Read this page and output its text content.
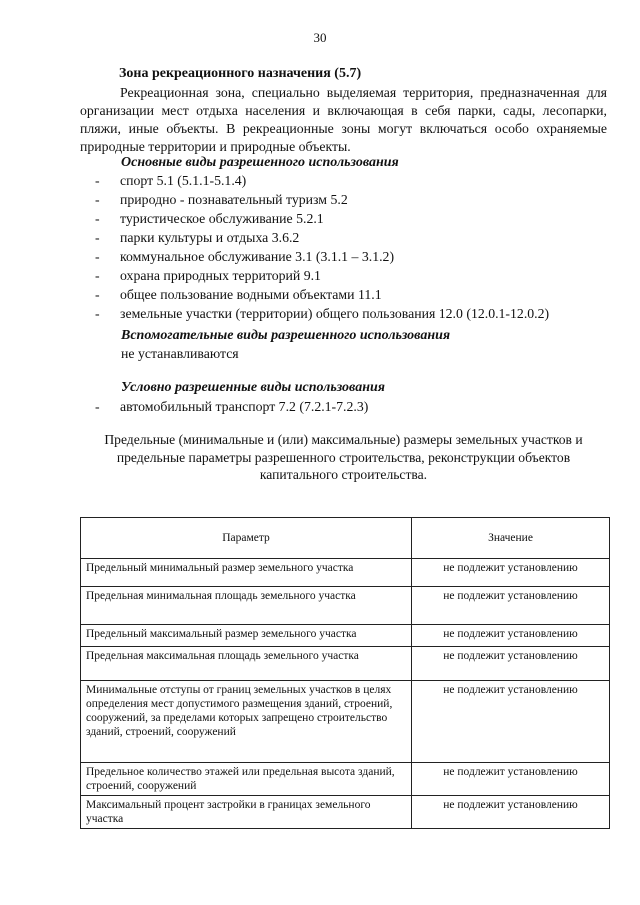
30
Зона рекреационного назначения (5.7)

Рекреационная зона, специально выделяемая территория, предназначенная для организации мест отдыха населения и включающая в себя парки, сады, лесопарки, пляжи, иные объекты. В рекреационные зоны могут включаться особо охраняемые природные территории и природные объекты.

Основные виды разрешенного использования
- спорт 5.1 (5.1.1-5.1.4)
- природно - познавательный туризм 5.2
- туристическое обслуживание 5.2.1
- парки культуры и отдыха 3.6.2
- коммунальное обслуживание 3.1 (3.1.1 – 3.1.2)
- охрана природных территорий 9.1
- общее пользование водными объектами 11.1
- земельные участки (территории) общего пользования 12.0 (12.0.1-12.0.2)
Вспомогательные виды разрешенного использования
не устанавливаются
Условно разрешенные виды использования
- автомобильный транспорт 7.2 (7.2.1-7.2.3)

Предельные (минимальные и (или) максимальные) размеры земельных участков и предельные параметры разрешенного строительства, реконструкции объектов капитального строительства.

Параметр	Значение
Предельный минимальный размер земельного участка	не подлежит установлению
Предельная минимальная площадь земельного участка	не подлежит установлению
Предельный максимальный размер земельного участка	не подлежит установлению
Предельная максимальная площадь земельного участка	не подлежит установлению
Минимальные отступы от границ земельных участков в целях определения мест допустимого размещения зданий, строений, сооружений, за пределами которых запрещено строительство зданий, строений, сооружений	не подлежит установлению
Предельное количество этажей или предельная высота зданий, строений, сооружений	не подлежит установлению
Максимальный процент застройки в границах земельного участка	не подлежит установлению
